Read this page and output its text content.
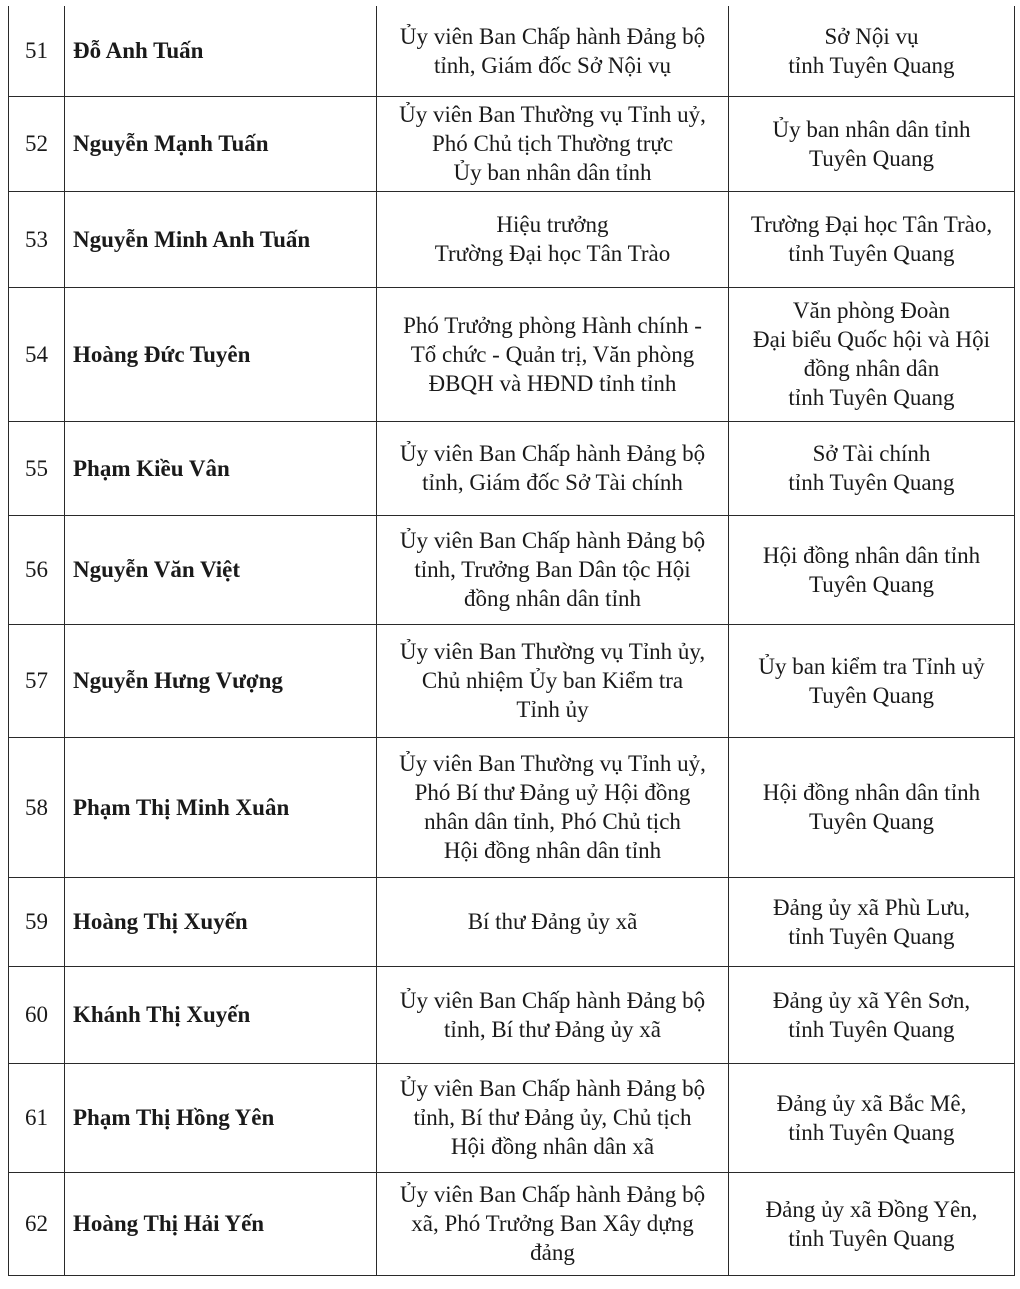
51	Đỗ Anh Tuấn	Ủy viên Ban Chấp hành Đảng bộ
tỉnh, Giám đốc Sở Nội vụ	Sở Nội vụ
tỉnh Tuyên Quang
52	Nguyễn Mạnh Tuấn	Ủy viên Ban Thường vụ Tỉnh uỷ,
Phó Chủ tịch Thường trực
Ủy ban nhân dân tỉnh	Ủy ban nhân dân tỉnh
Tuyên Quang
53	Nguyễn Minh Anh Tuấn	Hiệu trưởng
Trường Đại học Tân Trào	Trường Đại học Tân Trào,
tỉnh Tuyên Quang
54	Hoàng Đức Tuyên	Phó Trưởng phòng Hành chính -
Tổ chức - Quản trị, Văn phòng
ĐBQH và HĐND tỉnh tỉnh	Văn phòng Đoàn
Đại biểu Quốc hội và Hội
đồng nhân dân
tỉnh Tuyên Quang
55	Phạm Kiều Vân	Ủy viên Ban Chấp hành Đảng bộ
tỉnh, Giám đốc Sở Tài chính	Sở Tài chính
tỉnh Tuyên Quang
56	Nguyễn Văn Việt	Ủy viên Ban Chấp hành Đảng bộ
tỉnh, Trưởng Ban Dân tộc Hội
đồng nhân dân tỉnh	Hội đồng nhân dân tỉnh
Tuyên Quang
57	Nguyễn Hưng Vượng	Ủy viên Ban Thường vụ Tỉnh ủy,
Chủ nhiệm Ủy ban Kiểm tra
Tỉnh ủy	Ủy ban kiểm tra Tỉnh uỷ
Tuyên Quang
58	Phạm Thị Minh Xuân	Ủy viên Ban Thường vụ Tỉnh uỷ,
Phó Bí thư Đảng uỷ Hội đồng
nhân dân tỉnh, Phó Chủ tịch
Hội đồng nhân dân tỉnh	Hội đồng nhân dân tỉnh
Tuyên Quang
59	Hoàng Thị Xuyến	Bí thư Đảng ủy xã	Đảng ủy xã Phù Lưu,
tỉnh Tuyên Quang
60	Khánh Thị Xuyến	Ủy viên Ban Chấp hành Đảng bộ
tỉnh, Bí thư Đảng ủy xã	Đảng ủy xã Yên Sơn,
tỉnh Tuyên Quang
61	Phạm Thị Hồng Yên	Ủy viên Ban Chấp hành Đảng bộ
tỉnh, Bí thư Đảng ủy, Chủ tịch
Hội đồng nhân dân xã	Đảng ủy xã Bắc Mê,
tỉnh Tuyên Quang
62	Hoàng Thị Hải Yến	Ủy viên Ban Chấp hành Đảng bộ
xã, Phó Trưởng Ban Xây dựng
đảng	Đảng ủy xã Đồng Yên,
tỉnh Tuyên Quang
